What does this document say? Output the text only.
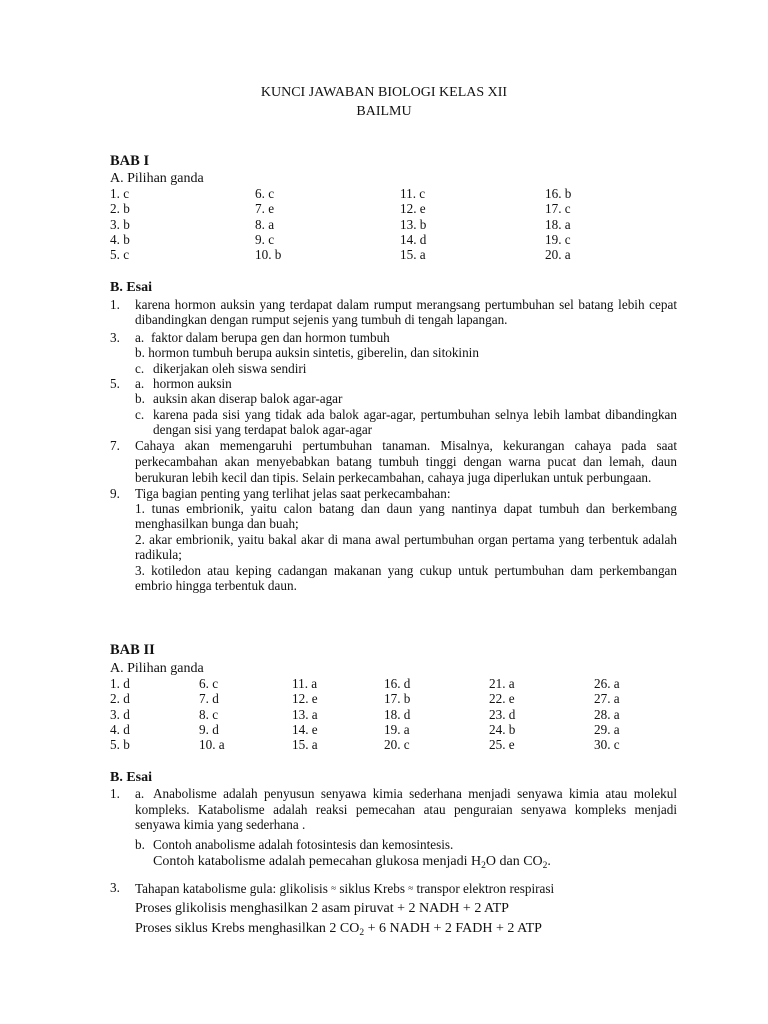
KUNCI JAWABAN BIOLOGI KELAS XII
BAILMU
BAB I
A. Pilihan ganda
1. c	6. c	11. c	16. b
2. b	7. e	12. e	17. c
3. b	8. a	13. b	18. a
4. b	9. c	14. d	19. c
5. c	10. b	15. a	20. a
B. Esai
1. karena hormon auksin yang terdapat dalam rumput merangsang pertumbuhan sel batang lebih cepat dibandingkan dengan rumput sejenis yang tumbuh di tengah lapangan.
3. a. faktor dalam berupa gen dan hormon tumbuh
b. hormon tumbuh berupa auksin sintetis, giberelin, dan sitokinin
c. dikerjakan oleh siswa sendiri
5. a. hormon auksin
b. auksin akan diserap balok agar-agar
c. karena pada sisi yang tidak ada balok agar-agar, pertumbuhan selnya lebih lambat dibandingkan dengan sisi yang terdapat balok agar-agar
7. Cahaya akan memengaruhi pertumbuhan tanaman. Misalnya, kekurangan cahaya pada saat perkecambahan akan menyebabkan batang tumbuh tinggi dengan warna pucat dan lemah, daun berukuran lebih kecil dan tipis. Selain perkecambahan, cahaya juga diperlukan untuk perbungaan.
9. Tiga bagian penting yang terlihat jelas saat perkecambahan:
1. tunas embrionik, yaitu calon batang dan daun yang nantinya dapat tumbuh dan berkembang menghasilkan bunga dan buah;
2. akar embrionik, yaitu bakal akar di mana awal pertumbuhan organ pertama yang terbentuk adalah radikula;
3. kotiledon atau keping cadangan makanan yang cukup untuk pertumbuhan dam perkembangan embrio hingga terbentuk daun.
BAB II
A. Pilihan ganda
1. d	6. c	11. a	16. d	21. a	26. a
2. d	7. d	12. e	17. b	22. e	27. a
3. d	8. c	13. a	18. d	23. d	28. a
4. d	9. d	14. e	19. a	24. b	29. a
5. b	10. a	15. a	20. c	25. e	30. c
B. Esai
1. a. Anabolisme adalah penyusun senyawa kimia sederhana menjadi senyawa kimia atau molekul kompleks. Katabolisme adalah reaksi pemecahan atau penguraian senyawa kompleks menjadi senyawa kimia yang sederhana .
b. Contoh anabolisme adalah fotosintesis dan kemosintesis.
Contoh katabolisme adalah pemecahan glukosa menjadi $H_2O$ dan $CO_2$.
3. Tahapan katabolisme gula: glikolisis ≈ siklus Krebs ≈ transpor elektron respirasi
Proses glikolisis menghasilkan 2 asam piruvat + 2 NADH + 2 ATP
Proses siklus Krebs menghasilkan 2 $CO_2 + 6$ NADH + 2 FADH + 2 ATP
